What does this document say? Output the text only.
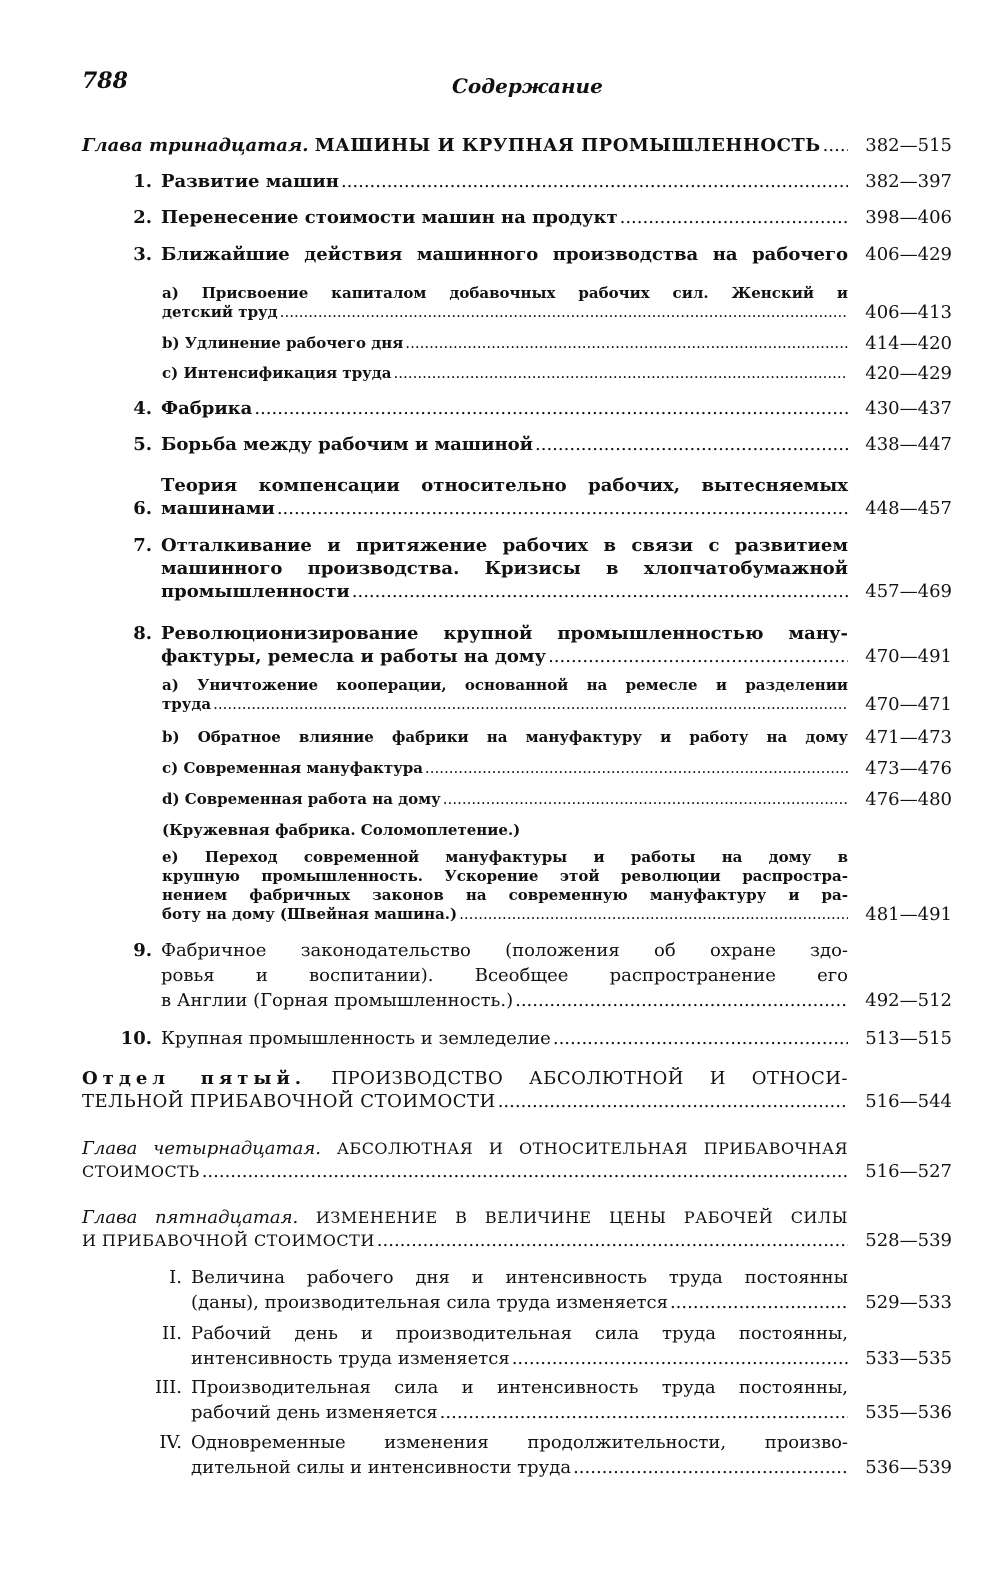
788	Содержание
Глава тринадцатая. МАШИНЫ И КРУПНАЯ ПРОМЫШЛЕННОСТЬ
.....	382—515
1. Развитие машин
.....	382—397
2. Перенесение стоимости машин на продукт
.....	398—406
3. Ближайшие действия машинного производства на рабочего 406—429
а) Присвоение капиталом добавочных рабочих сил. Женский и
детский труд
.....	406—413
b) Удлинение рабочего дня
.....	414—420
c) Интенсификация труда
.....	420—429
4. Фабрика
.....	430—437
5. Борьба между рабочим и машиной
.....	438—447
6.
Теория компенсации относительно рабочих, вытесняемых
машинами
.....	448—457
7. Отталкивание и притяжение рабочих в связи с развитием
машинного производства. Кризисы в хлопчатобумажной
промышленности
.....	457—469
8. Революционизирование крупной промышленностью ману-
фактуры, ремесла и работы на дому
.....	470—491
а) Уничтожение кооперации, основанной на ремесле и разделении
труда
.....	470—471
b) Обратное влияние фабрики на мануфактуру и работу на дому 471—473
c) Современная мануфактура
.....	473—476
d) Современная работа на дому
.....	476—480
(Кружевная фабрика. Соломоплетение.)
e) Переход современной мануфактуры и работы на дому в
крупную промышленность. Ускорение этой революции распростра-
нением фабричных законов на современную мануфактуру и ра-
боту на дому (Швейная машина.)
.....	481—491
9. Фабричное законодательство (положения об охране здо-
ровья и воспитании). Всеобщее распространение его
в Англии (Горная промышленность.)
.....	492—512
10. Крупная промышленность и земледелие
.....	513—515
Отдел пятый. ПРОИЗВОДСТВО АБСОЛЮТНОЙ И ОТНОСИ-
ТЕЛЬНОЙ ПРИБАВОЧНОЙ СТОИМОСТИ
.....	516—544
Глава четырнадцатая. АБСОЛЮТНАЯ И ОТНОСИТЕЛЬНАЯ ПРИБАВОЧНАЯ
СТОИМОСТЬ
.....	516—527
Глава пятнадцатая. ИЗМЕНЕНИЕ В ВЕЛИЧИНЕ ЦЕНЫ РАБОЧЕЙ СИЛЫ
И ПРИБАВОЧНОЙ СТОИМОСТИ
.....	528—539
I. Величина рабочего дня и интенсивность труда постоянны
(даны), производительная сила труда изменяется
.....	529—533
II. Рабочий день и производительная сила труда постоянны,
интенсивность труда изменяется
.....	533—535
III. Производительная сила и интенсивность труда постоянны,
рабочий день изменяется
.....	535—536
IV. Одновременные изменения продолжительности, произво-
дительной силы и интенсивности труда
.....	536—539
